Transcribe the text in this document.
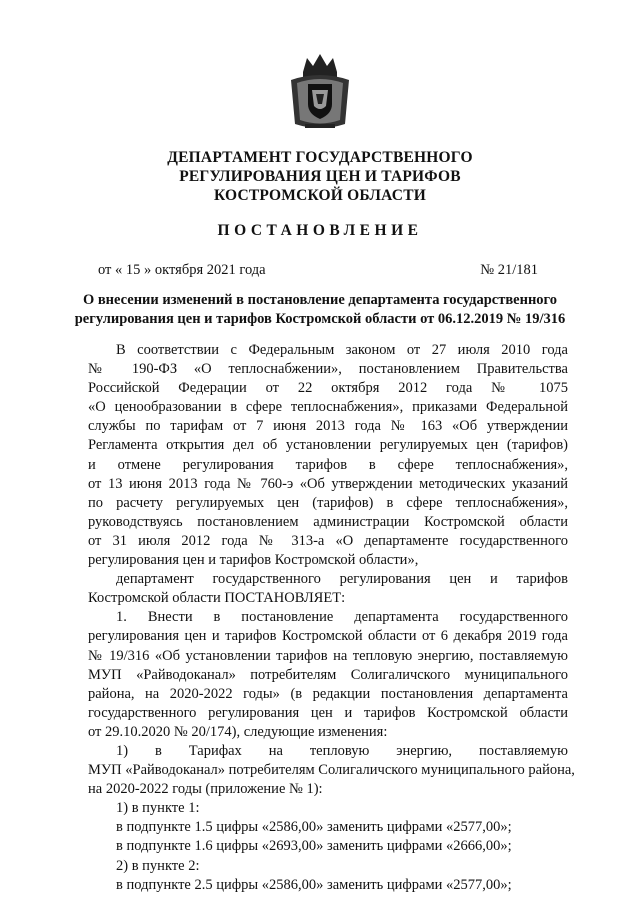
ДЕПАРТАМЕНТ ГОСУДАРСТВЕННОГО
РЕГУЛИРОВАНИЯ ЦЕН И ТАРИФОВ
КОСТРОМСКОЙ ОБЛАСТИ
ПОСТАНОВЛЕНИЕ
от « 15 » октября 2021 года	№ 21/181
О внесении изменений в постановление департамента государственного
регулирования цен и тарифов Костромской области от 06.12.2019 № 19/316
В соответствии с Федеральным законом от 27 июля 2010 года
№ 190-ФЗ «О теплоснабжении», постановлением Правительства
Российской Федерации от 22 октября 2012 года № 1075
«О ценообразовании в сфере теплоснабжения», приказами Федеральной
службы по тарифам от 7 июня 2013 года № 163 «Об утверждении
Регламента открытия дел об установлении регулируемых цен (тарифов)
и отмене регулирования тарифов в сфере теплоснабжения»,
от 13 июня 2013 года № 760-э «Об утверждении методических указаний
по расчету регулируемых цен (тарифов) в сфере теплоснабжения»,
руководствуясь постановлением администрации Костромской области
от 31 июля 2012 года № 313-а «О департаменте государственного
регулирования цен и тарифов Костромской области»,
департамент государственного регулирования цен и тарифов
Костромской области ПОСТАНОВЛЯЕТ:
1. Внести в постановление департамента государственного
регулирования цен и тарифов Костромской области от 6 декабря 2019 года
№ 19/316 «Об установлении тарифов на тепловую энергию, поставляемую
МУП «Райводоканал» потребителям Солигаличского муниципального
района, на 2020-2022 годы» (в редакции постановления департамента
государственного регулирования цен и тарифов Костромской области
от 29.10.2020 № 20/174), следующие изменения:
1) в Тарифах на тепловую энергию, поставляемую
МУП «Райводоканал» потребителям Солигаличского муниципального района,
на 2020-2022 годы (приложение № 1):
1) в пункте 1:
в подпункте 1.5 цифры «2586,00» заменить цифрами «2577,00»;
в подпункте 1.6 цифры «2693,00» заменить цифрами «2666,00»;
2) в пункте 2:
в подпункте 2.5 цифры «2586,00» заменить цифрами «2577,00»;
